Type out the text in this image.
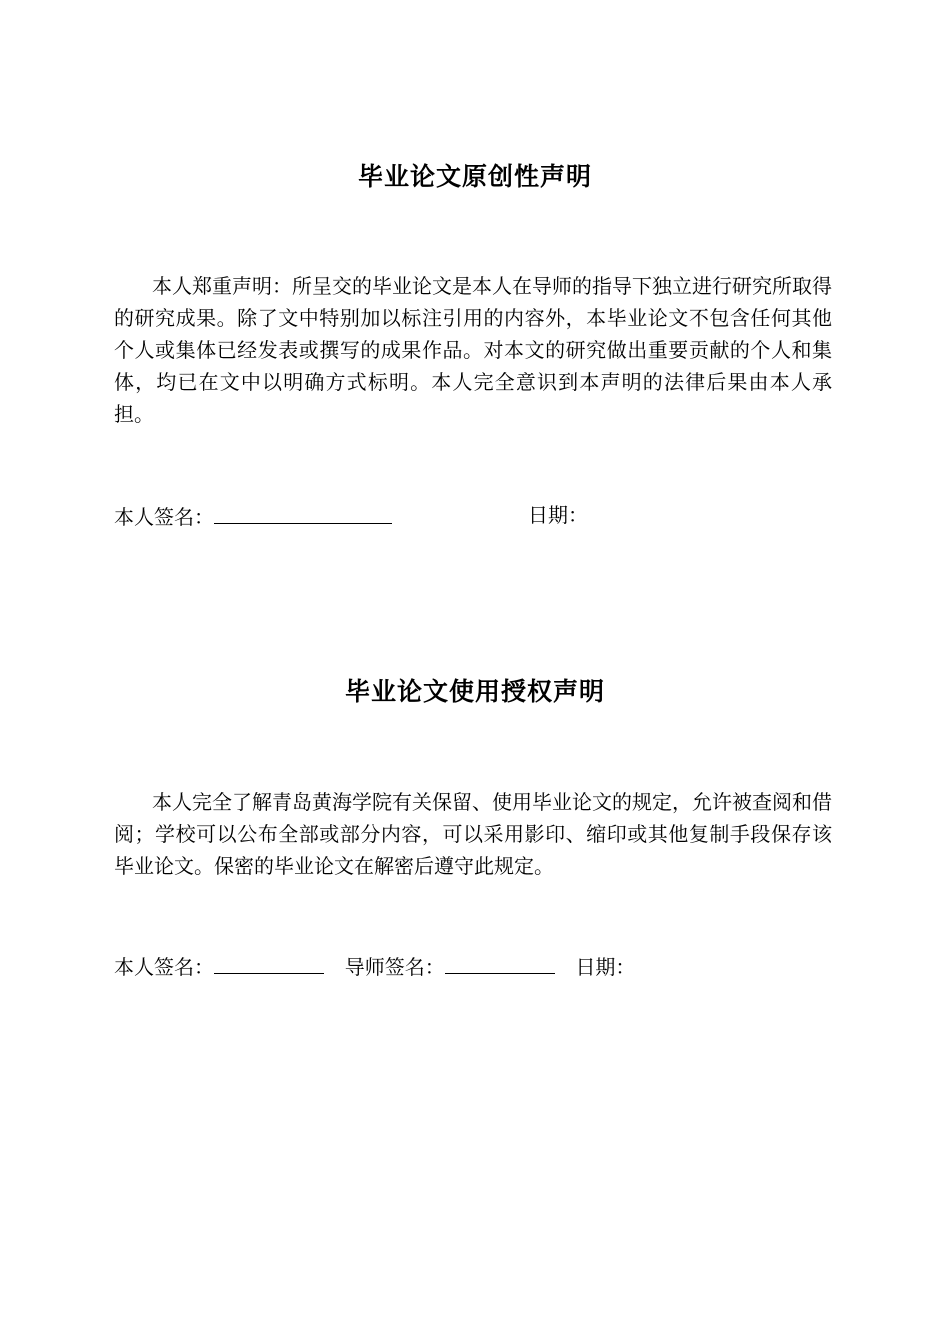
毕业论文原创性声明

本人郑重声明：所呈交的毕业论文是本人在导师的指导下独立进行研究所取得的研究成果。除了文中特别加以标注引用的内容外，本毕业论文不包含任何其他个人或集体已经发表或撰写的成果作品。对本文的研究做出重要贡献的个人和集体，均已在文中以明确方式标明。本人完全意识到本声明的法律后果由本人承担。

本人签名：	日期：
毕业论文使用授权声明

本人完全了解青岛黄海学院有关保留、使用毕业论文的规定，允许被查阅和借阅；学校可以公布全部或部分内容，可以采用影印、缩印或其他复制手段保存该毕业论文。保密的毕业论文在解密后遵守此规定。

本人签名：	导师签名：	日期：
